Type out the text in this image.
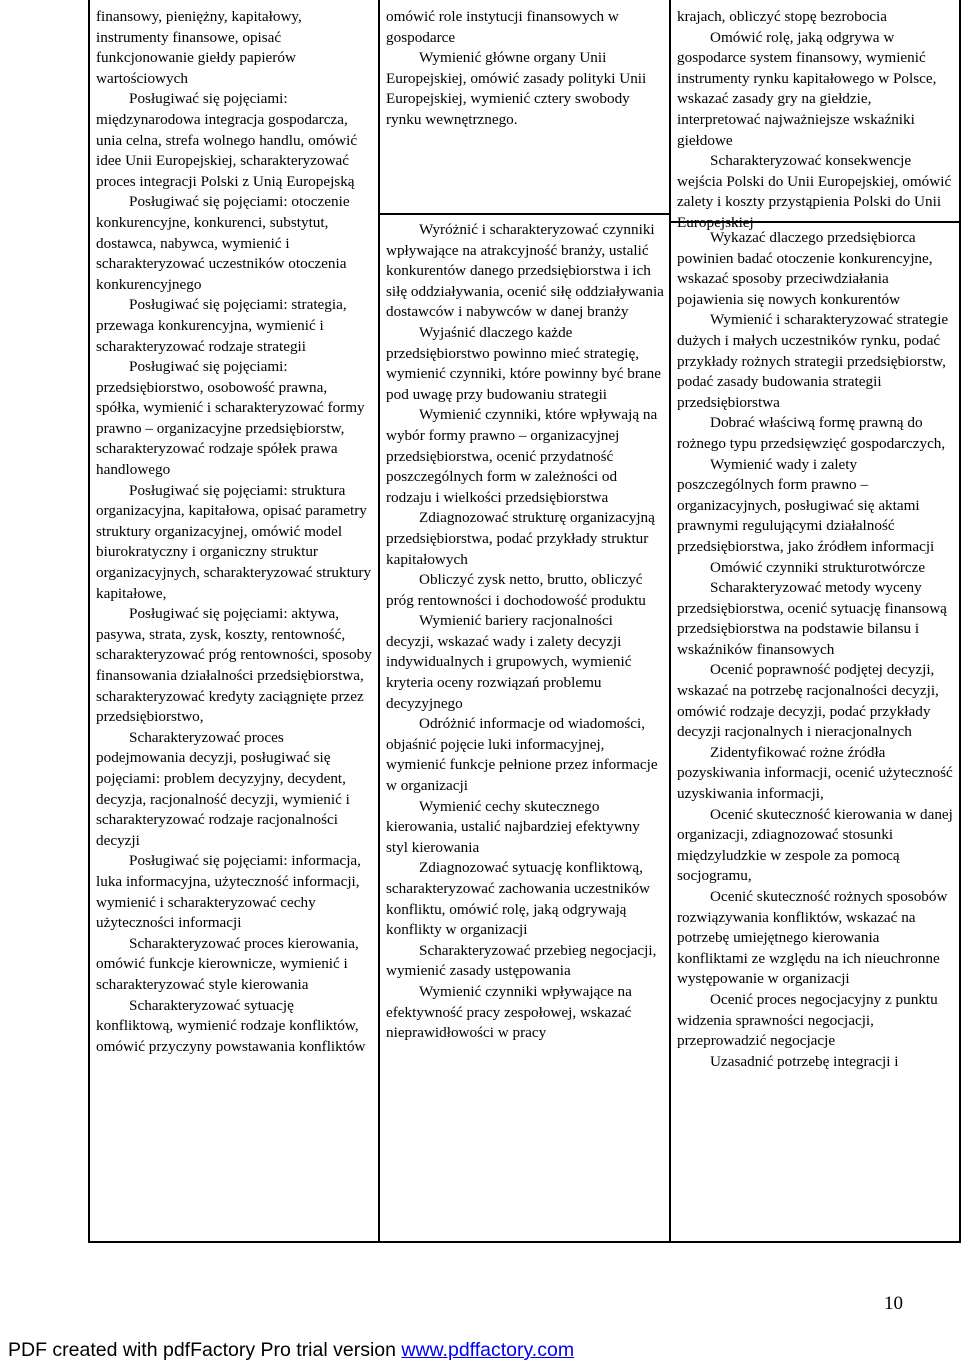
finansowy, pieniężny, kapitałowy, instrumenty finansowe, opisać funkcjonowanie giełdy papierów wartościowych

Posługiwać się pojęciami: międzynarodowa integracja gospodarcza, unia celna, strefa wolnego handlu, omówić idee Unii Europejskiej, scharakteryzować proces integracji Polski z Unią Europejską

Posługiwać się pojęciami: otoczenie konkurencyjne, konkurenci, substytut, dostawca, nabywca, wymienić i scharakteryzować uczestników otoczenia konkurencyjnego

Posługiwać się pojęciami: strategia, przewaga konkurencyjna, wymienić i scharakteryzować rodzaje strategii

Posługiwać się pojęciami: przedsiębiorstwo, osobowość prawna, spółka, wymienić i scharakteryzować formy prawno – organizacyjne przedsiębiorstw, scharakteryzować rodzaje spółek prawa handlowego

Posługiwać się pojęciami: struktura organizacyjna, kapitałowa, opisać parametry struktury organizacyjnej, omówić model biurokratyczny i organiczny struktur organizacyjnych, scharakteryzować struktury kapitałowe,

Posługiwać się pojęciami: aktywa, pasywa, strata, zysk, koszty, rentowność, scharakteryzować próg rentowności, sposoby finansowania działalności przedsiębiorstwa, scharakteryzować kredyty zaciągnięte przez przedsiębiorstwo,

Scharakteryzować proces podejmowania decyzji, posługiwać się pojęciami: problem decyzyjny, decydent, decyzja, racjonalność decyzji, wymienić i scharakteryzować rodzaje racjonalności decyzji

Posługiwać się pojęciami: informacja, luka informacyjna, użyteczność informacji, wymienić i scharakteryzować cechy użyteczności informacji

Scharakteryzować proces kierowania, omówić funkcje kierownicze, wymienić i scharakteryzować style kierowania

Scharakteryzować sytuację konfliktową, wymienić rodzaje konfliktów, omówić przyczyny powstawania konfliktów

omówić role instytucji finansowych w gospodarce

Wymienić główne organy Unii Europejskiej, omówić zasady polityki Unii Europejskiej, wymienić cztery swobody rynku wewnętrznego.

Wyróżnić i scharakteryzować czynniki wpływające na atrakcyjność branży, ustalić konkurentów danego przedsiębiorstwa i ich siłę oddziaływania, ocenić siłę oddziaływania dostawców i nabywców w danej branży

Wyjaśnić dlaczego każde przedsiębiorstwo powinno mieć strategię, wymienić czynniki, które powinny być brane pod uwagę przy budowaniu strategii

Wymienić czynniki, które wpływają na wybór formy prawno – organizacyjnej przedsiębiorstwa, ocenić przydatność poszczególnych form w zależności od rodzaju i wielkości przedsiębiorstwa

Zdiagnozować strukturę organizacyjną przedsiębiorstwa, podać przykłady struktur kapitałowych

Obliczyć zysk netto, brutto, obliczyć próg rentowności i dochodowość produktu

Wymienić bariery racjonalności decyzji, wskazać wady i zalety decyzji indywidualnych i grupowych, wymienić kryteria oceny rozwiązań problemu decyzyjnego

Odróżnić informacje od wiadomości, objaśnić pojęcie luki informacyjnej, wymienić funkcje pełnione przez informacje w organizacji

Wymienić cechy skutecznego kierowania, ustalić najbardziej efektywny styl kierowania

Zdiagnozować sytuację konfliktową, scharakteryzować zachowania uczestników konfliktu, omówić rolę, jaką odgrywają konflikty w organizacji

Scharakteryzować przebieg negocjacji, wymienić zasady ustępowania

Wymienić czynniki wpływające na efektywność pracy zespołowej, wskazać nieprawidłowości w pracy

krajach, obliczyć stopę bezrobocia

Omówić rolę, jaką odgrywa w gospodarce system finansowy, wymienić instrumenty rynku kapitałowego w Polsce, wskazać zasady gry na giełdzie, interpretować najważniejsze wskaźniki giełdowe

Scharakteryzować konsekwencje wejścia Polski do Unii Europejskiej, omówić zalety i koszty przystąpienia Polski do Unii Europejskiej

Wykazać dlaczego przedsiębiorca powinien badać otoczenie konkurencyjne, wskazać sposoby przeciwdziałania pojawienia się nowych konkurentów

Wymienić i scharakteryzować strategie dużych i małych uczestników rynku, podać przykłady rożnych strategii przedsiębiorstw, podać zasady budowania strategii przedsiębiorstwa

Dobrać właściwą formę prawną do rożnego typu przedsięwzięć gospodarczych,

Wymienić wady i zalety poszczególnych form prawno – organizacyjnych, posługiwać się aktami prawnymi regulującymi działalność przedsiębiorstwa, jako źródłem informacji

Omówić czynniki strukturotwórcze

Scharakteryzować metody wyceny przedsiębiorstwa, ocenić sytuację finansową przedsiębiorstwa na podstawie bilansu i wskaźników finansowych

Ocenić poprawność podjętej decyzji, wskazać na potrzebę racjonalności decyzji, omówić rodzaje decyzji, podać przykłady decyzji racjonalnych i nieracjonalnych

Zidentyfikować rożne źródła pozyskiwania informacji, ocenić użyteczność uzyskiwania informacji,

Ocenić skuteczność kierowania w danej organizacji, zdiagnozować stosunki międzyludzkie w zespole za pomocą socjogramu,

Ocenić skuteczność rożnych sposobów rozwiązywania konfliktów, wskazać na potrzebę umiejętnego kierowania konfliktami ze względu na ich nieuchronne występowanie w organizacji

Ocenić proces negocjacyjny z punktu widzenia sprawności negocjacji, przeprowadzić negocjacje

Uzasadnić potrzebę integracji i

10
PDF created with pdfFactory Pro trial version www.pdffactory.com
